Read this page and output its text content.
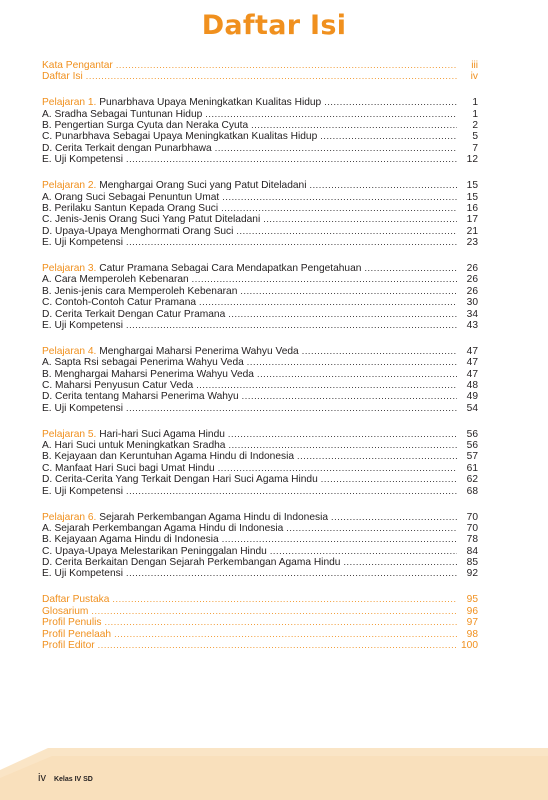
Daftar Isi
Kata Pengantar .....	iii
Daftar Isi .....	iv
Pelajaran 1. Punarbhava Upaya Meningkatkan Kualitas Hidup .....	1
A. Sradha Sebagai Tuntunan Hidup .....	1
B. Pengertian Surga Cyuta dan Neraka Cyuta .....	2
C. Punarbhava Sebagai Upaya Meningkatkan Kualitas Hidup .....	5
D. Cerita Terkait dengan Punarbhawa .....	7
E. Uji Kompetensi .....	12
Pelajaran 2. Menghargai Orang Suci yang Patut Diteladani .....	15
A. Orang Suci Sebagai Penuntun Umat .....	15
B. Perilaku Santun Kepada Orang Suci .....	16
C. Jenis-Jenis Orang Suci Yang Patut Diteladani .....	17
D. Upaya-Upaya Menghormati Orang Suci .....	21
E. Uji Kompetensi .....	23
Pelajaran 3. Catur Pramana Sebagai Cara Mendapatkan Pengetahuan .....	26
A. Cara Memperoleh Kebenaran .....	26
B. Jenis-jenis cara Memperoleh Kebenaran .....	26
C. Contoh-Contoh Catur Pramana .....	30
D. Cerita Terkait Dengan Catur Pramana .....	34
E. Uji Kompetensi .....	43
Pelajaran 4. Menghargai Maharsi Penerima Wahyu Veda .....	47
A. Sapta Rsi sebagai Penerima Wahyu Veda .....	47
B. Menghargai Maharsi Penerima Wahyu Veda .....	47
C. Maharsi Penyusun Catur Veda .....	48
D. Cerita tentang Maharsi Penerima Wahyu .....	49
E. Uji Kompetensi .....	54
Pelajaran 5. Hari-hari Suci Agama Hindu .....	56
A. Hari Suci untuk Meningkatkan Sradha .....	56
B. Kejayaan dan Keruntuhan Agama Hindu di Indonesia .....	57
C. Manfaat Hari Suci bagi Umat Hindu .....	61
D. Cerita-Cerita Yang Terkait Dengan Hari Suci Agama Hindu .....	62
E. Uji Kompetensi .....	68
Pelajaran 6. Sejarah Perkembangan Agama Hindu di Indonesia .....	70
A. Sejarah Perkembangan Agama Hindu di Indonesia .....	70
B. Kejayaan Agama Hindu di Indonesia .....	78
C. Upaya-Upaya Melestarikan Peninggalan Hindu .....	84
D. Cerita Berkaitan Dengan Sejarah Perkembangan Agama Hindu .....	85
E. Uji Kompetensi .....	92
Daftar Pustaka .....	95
Glosarium .....	96
Profil Penulis .....	97
Profil Penelaah .....	98
Profil Editor .....	100
iv Kelas IV SD
